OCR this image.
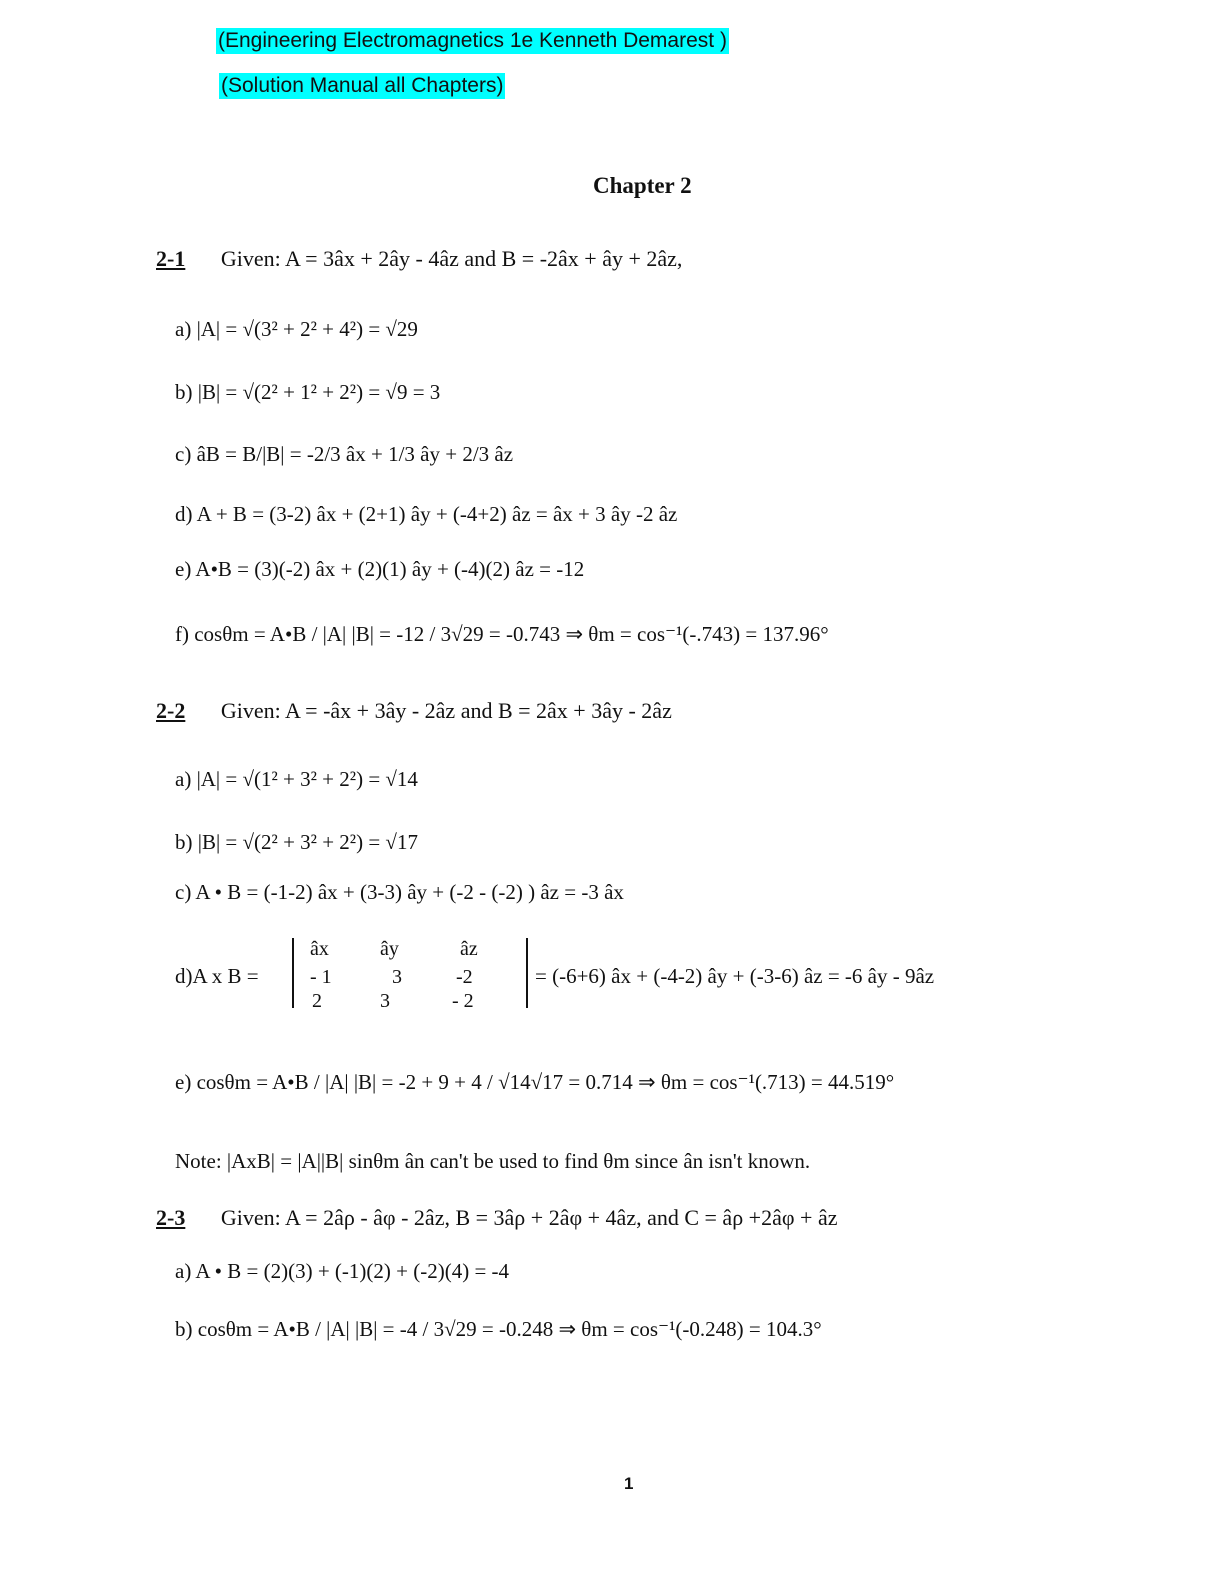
(Engineering Electromagnetics 1e Kenneth Demarest )
(Solution Manual all Chapters)
Chapter 2
2-1 Given: A = 3âx + 2ây - 4âz and B = -2âx + ây + 2âz,
a) |A| = √(3² + 2² + 4²) = √29
b) |B| = √(2² + 1² + 2²) = √9 = 3
c) âB = B/|B| = -2/3 âx + 1/3 ây + 2/3 âz
d) A + B = (3-2) âx + (2+1) ây + (-4+2) âz = âx + 3 ây -2 âz
e) A•B = (3)(-2) âx + (2)(1) ây + (-4)(2) âz = -12
f) cosθm = A•B / |A| |B| = -12 / 3√29 = -0.743 ⇒ θm = cos⁻¹(-.743) = 137.96°
2-2 Given: A = -âx + 3ây - 2âz and B = 2âx + 3ây - 2âz
a) |A| = √(1² + 3² + 2²) = √14
b) |B| = √(2² + 3² + 2²) = √17
c) A • B = (-1-2) âx + (3-3) ây + (-2 - (-2) ) âz = -3 âx
d)A x B =
âx	ây	âz
- 1	3	-2
2	3	- 2
= (-6+6) âx + (-4-2) ây + (-3-6) âz = -6 ây - 9âz
e) cosθm = A•B / |A| |B| = -2 + 9 + 4 / √14√17 = 0.714 ⇒ θm = cos⁻¹(.713) = 44.519°
Note: |AxB| = |A||B| sinθm ân can't be used to find θm since ân isn't known.
2-3 Given: A = 2âρ - âφ - 2âz, B = 3âρ + 2âφ + 4âz, and C = âρ +2âφ + âz
a) A • B = (2)(3) + (-1)(2) + (-2)(4) = -4
b) cosθm = A•B / |A| |B| = -4 / 3√29 = -0.248 ⇒ θm = cos⁻¹(-0.248) = 104.3°
1
